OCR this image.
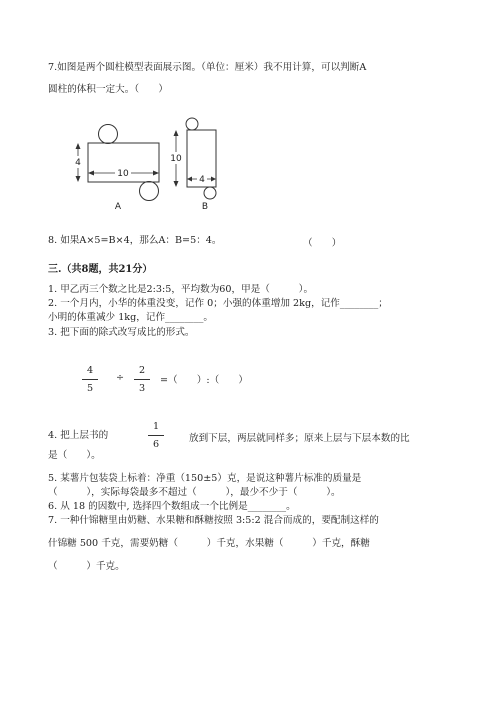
7.如图是两个圆柱模型表面展示图。（单位：厘米）我不用计算，可以判断A
圆柱的体积一定大。（　　）
4
10
A
10
4
B
8. 如果A×5=B×4，那么A：B=5：4。	（　　）
三.（共8题，共21分）
1. 甲乙丙三个数之比是2:3:5，平均数为60，甲是（　　　）。
2. 一个月内，小华的体重没变，记作 0；小强的体重增加 2kg，记作________；
小明的体重减少 1kg，记作________。
3. 把下面的除式改写成比的形式。
4
5
÷
2
3
=（　　）:（　　）
4. 把上层书的
1
6
放到下层，两层就同样多；原来上层与下层本数的比
是（　　）。
5. 某薯片包装袋上标着：净重（150±5）克，是说这种薯片标准的质量是
（　　　），实际每袋最多不超过（　　　），最少不少于（　　　）。
6. 从 18 的因数中, 选择四个数组成一个比例是________。
7. 一种什锦糖里由奶糖、水果糖和酥糖按照 3:5:2 混合而成的，要配制这样的
什锦糖 500 千克，需要奶糖（　　　）千克，水果糖（　　　）千克，酥糖
（　　　）千克。
